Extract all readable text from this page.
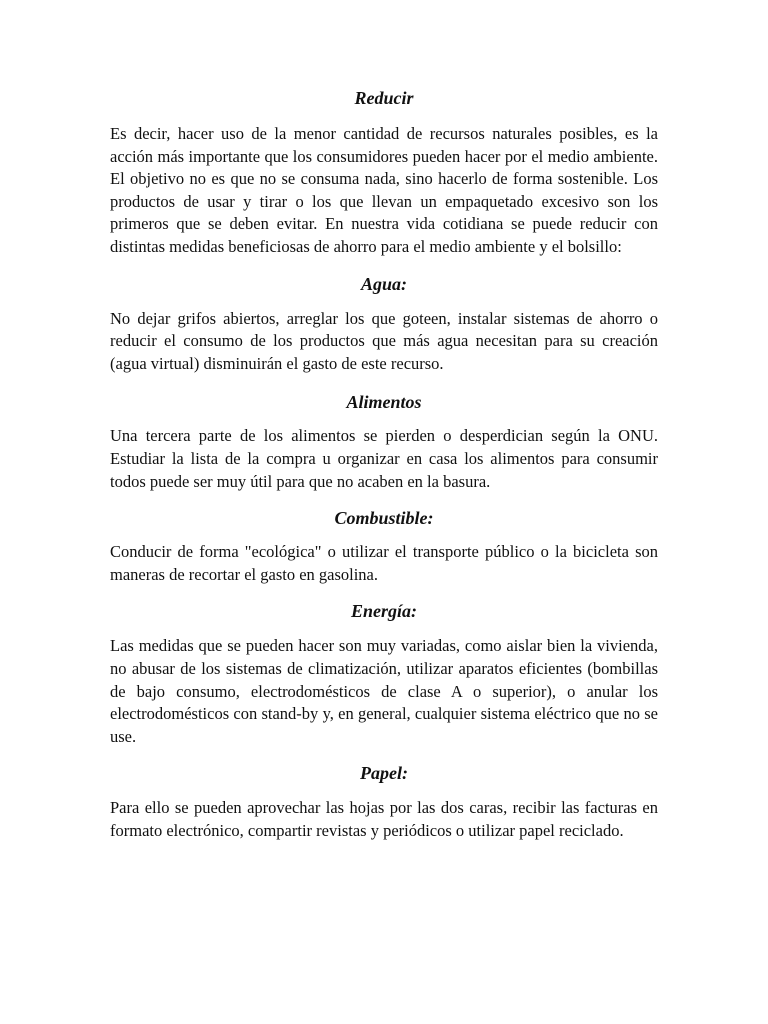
Reducir

Es decir, hacer uso de la menor cantidad de recursos naturales posibles, es la acción más importante que los consumidores pueden hacer por el medio ambiente. El objetivo no es que no se consuma nada, sino hacerlo de forma sostenible. Los productos de usar y tirar o los que llevan un empaquetado excesivo son los primeros que se deben evitar. En nuestra vida cotidiana se puede reducir con distintas medidas beneficiosas de ahorro para el medio ambiente y el bolsillo:

Agua:

No dejar grifos abiertos, arreglar los que goteen, instalar sistemas de ahorro o reducir el consumo de los productos que más agua necesitan para su creación (agua virtual) disminuirán el gasto de este recurso.

Alimentos

Una tercera parte de los alimentos se pierden o desperdician según la ONU. Estudiar la lista de la compra u organizar en casa los alimentos para consumir todos puede ser muy útil para que no acaben en la basura.

Combustible:

Conducir de forma "ecológica" o utilizar el transporte público o la bicicleta son maneras de recortar el gasto en gasolina.

Energía:

Las medidas que se pueden hacer son muy variadas, como aislar bien la vivienda, no abusar de los sistemas de climatización, utilizar aparatos eficientes (bombillas de bajo consumo, electrodomésticos de clase A o superior), o anular los electrodomésticos con stand-by y, en general, cualquier sistema eléctrico que no se use.

Papel:

Para ello se pueden aprovechar las hojas por las dos caras, recibir las facturas en formato electrónico, compartir revistas y periódicos o utilizar papel reciclado.
